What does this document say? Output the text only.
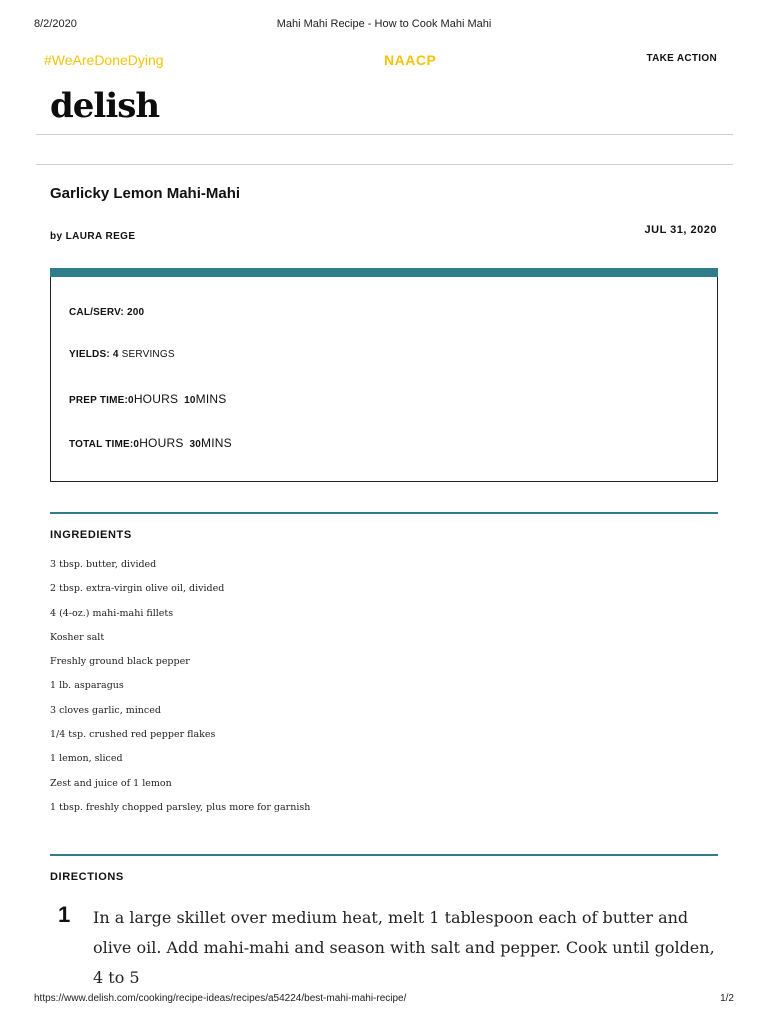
8/2/2020	Mahi Mahi Recipe - How to Cook Mahi Mahi
#WeAreDoneDying	NAACP	TAKE ACTION
delish
Garlicky Lemon Mahi-Mahi
by LAURA REGE
JUL 31, 2020
CAL/SERV: 200
YIELDS: 4 SERVINGS
PREP TIME:0HOURS 10MINS
TOTAL TIME:0HOURS 30MINS
INGREDIENTS
3 tbsp. butter, divided
2 tbsp. extra-virgin olive oil, divided
4 (4-oz.) mahi-mahi fillets
Kosher salt
Freshly ground black pepper
1 lb. asparagus
3 cloves garlic, minced
1/4 tsp. crushed red pepper flakes
1 lemon, sliced
Zest and juice of 1 lemon
1 tbsp. freshly chopped parsley, plus more for garnish
DIRECTIONS
1 In a large skillet over medium heat, melt 1 tablespoon each of butter and olive oil. Add mahi-mahi and season with salt and pepper. Cook until golden, 4 to 5
https://www.delish.com/cooking/recipe-ideas/recipes/a54224/best-mahi-mahi-recipe/	1/2
